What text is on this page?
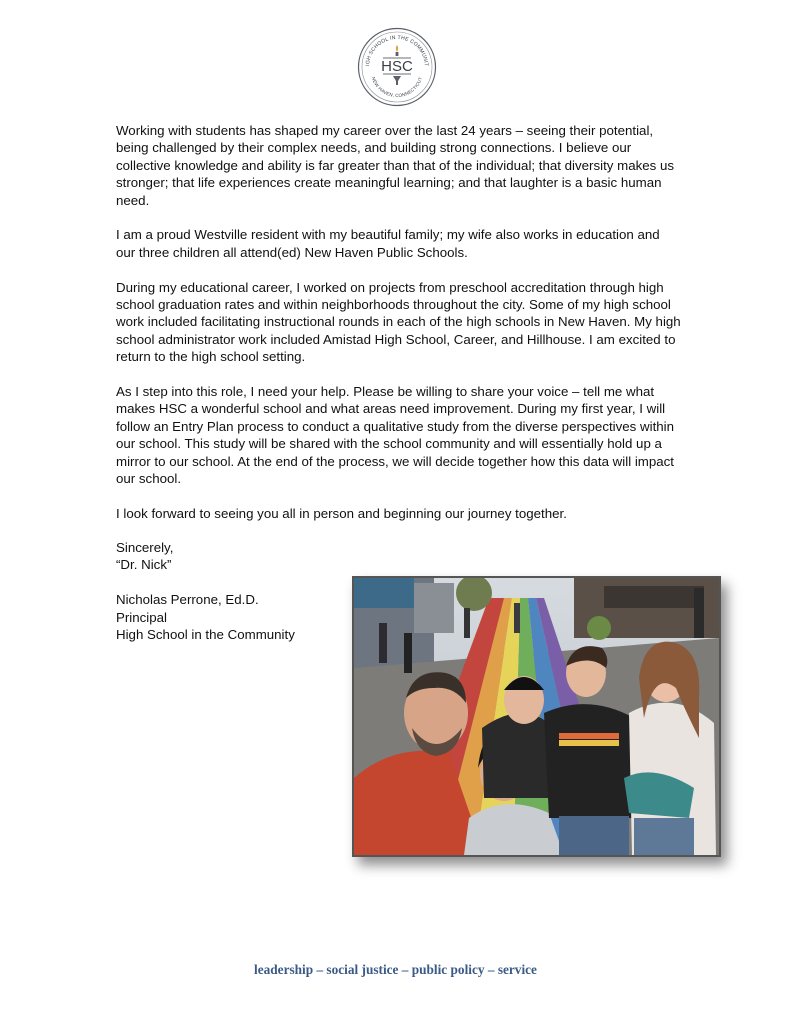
IGH SCHOOL IN THE COMMUNIT
NEW HAVEN, CONNECTICUT
HSC

Working with students has shaped my career over the last 24 years – seeing their potential, being challenged by their complex needs, and building strong connections. I believe our collective knowledge and ability is far greater than that of the individual; that diversity makes us stronger; that life experiences create meaningful learning; and that laughter is a basic human need.

I am a proud Westville resident with my beautiful family; my wife also works in education and our three children all attend(ed) New Haven Public Schools.

During my educational career, I worked on projects from preschool accreditation through high school graduation rates and within neighborhoods throughout the city. Some of my high school work included facilitating instructional rounds in each of the high schools in New Haven. My high school administrator work included Amistad High School, Career, and Hillhouse. I am excited to return to the high school setting.

As I step into this role, I need your help. Please be willing to share your voice – tell me what makes HSC a wonderful school and what areas need improvement. During my first year, I will follow an Entry Plan process to conduct a qualitative study from the diverse perspectives within our school. This study will be shared with the school community and will essentially hold up a mirror to our school. At the end of the process, we will decide together how this data will impact our school.

I look forward to seeing you all in person and beginning our journey together.

Sincerely,
“Dr. Nick”
Nicholas Perrone, Ed.D.
Principal
High School in the Community
leadership – social justice – public policy – service
